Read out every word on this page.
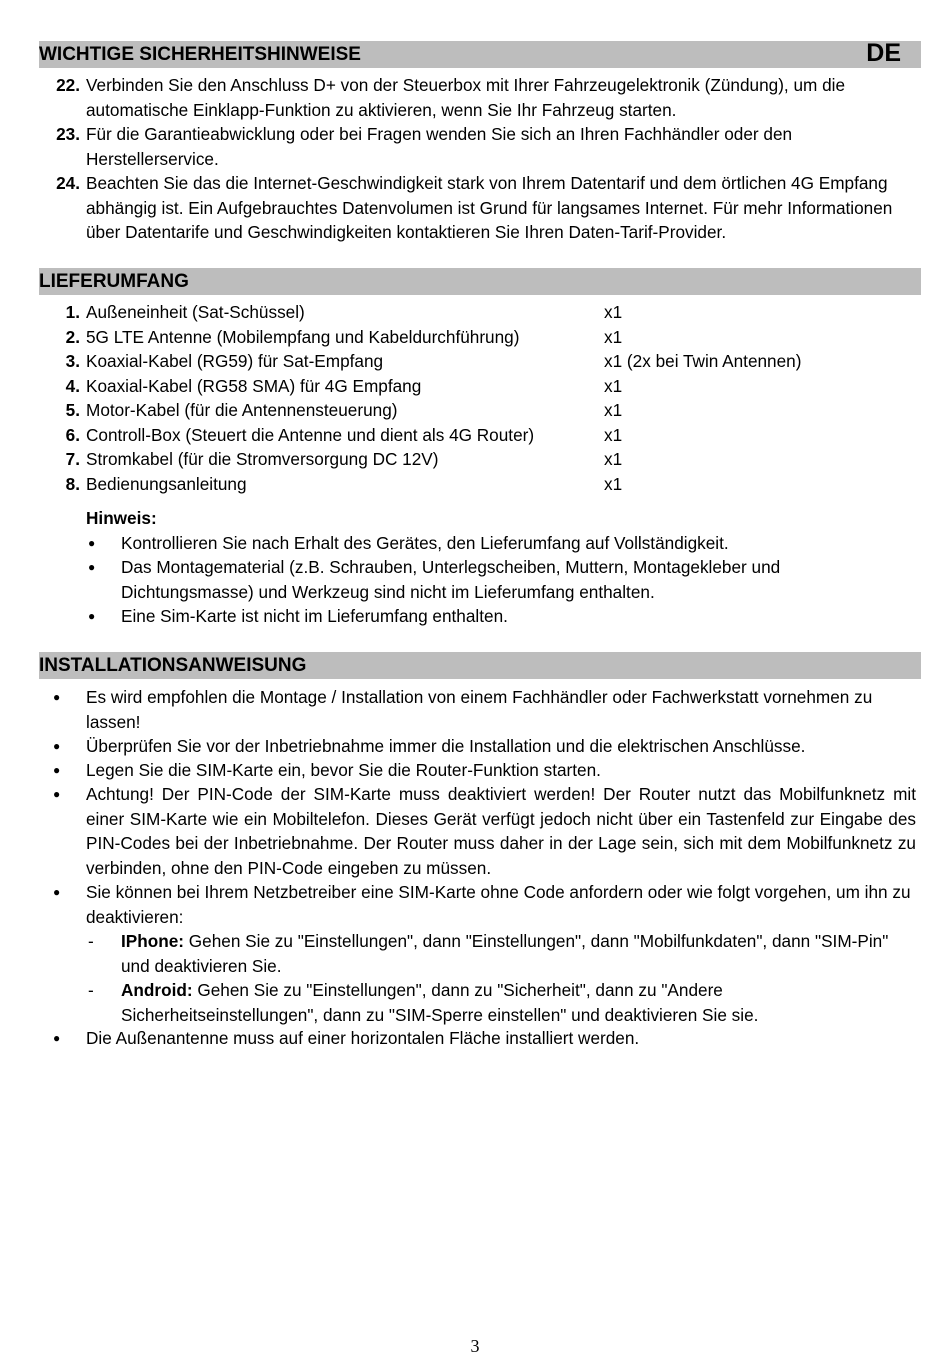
WICHTIGE SICHERHEITSHINWEISE	DE
22. Verbinden Sie den Anschluss D+ von der Steuerbox mit Ihrer Fahrzeugelektronik (Zündung), um die automatische Einklapp-Funktion zu aktivieren, wenn Sie Ihr Fahrzeug starten.
23. Für die Garantieabwicklung oder bei Fragen wenden Sie sich an Ihren Fachhändler oder den Herstellerservice.
24. Beachten Sie das die Internet-Geschwindigkeit stark von Ihrem Datentarif und dem örtlichen 4G Empfang abhängig ist. Ein Aufgebrauchtes Datenvolumen ist Grund für langsames Internet. Für mehr Informationen über Datentarife und Geschwindigkeiten kontaktieren Sie Ihren Daten-Tarif-Provider.
LIEFERUMFANG
1. Außeneinheit (Sat-Schüssel)	x1
2. 5G LTE Antenne (Mobilempfang und Kabeldurchführung)	x1
3. Koaxial-Kabel (RG59) für Sat-Empfang	x1 (2x bei Twin Antennen)
4. Koaxial-Kabel (RG58 SMA) für 4G Empfang	x1
5. Motor-Kabel (für die Antennensteuerung)	x1
6. Controll-Box (Steuert die Antenne und dient als 4G Router)	x1
7. Stromkabel (für die Stromversorgung DC 12V)	x1
8. Bedienungsanleitung	x1
Hinweis:
● Kontrollieren Sie nach Erhalt des Gerätes, den Lieferumfang auf Vollständigkeit.
● Das Montagematerial (z.B. Schrauben, Unterlegscheiben, Muttern, Montagekleber und Dichtungsmasse) und Werkzeug sind nicht im Lieferumfang enthalten.
● Eine Sim-Karte ist nicht im Lieferumfang enthalten.
INSTALLATIONSANWEISUNG
● Es wird empfohlen die Montage / Installation von einem Fachhändler oder Fachwerkstatt vornehmen zu lassen!
● Überprüfen Sie vor der Inbetriebnahme immer die Installation und die elektrischen Anschlüsse.
● Legen Sie die SIM-Karte ein, bevor Sie die Router-Funktion starten.
● Achtung! Der PIN-Code der SIM-Karte muss deaktiviert werden! Der Router nutzt das Mobilfunknetz mit einer SIM-Karte wie ein Mobiltelefon. Dieses Gerät verfügt jedoch nicht über ein Tastenfeld zur Eingabe des PIN-Codes bei der Inbetriebnahme. Der Router muss daher in der Lage sein, sich mit dem Mobilfunknetz zu verbinden, ohne den PIN-Code eingeben zu müssen.
● Sie können bei Ihrem Netzbetreiber eine SIM-Karte ohne Code anfordern oder wie folgt vorgehen, um ihn zu deaktivieren:
- IPhone: Gehen Sie zu "Einstellungen", dann "Einstellungen", dann "Mobilfunkdaten", dann "SIM-Pin" und deaktivieren Sie.
- Android: Gehen Sie zu "Einstellungen", dann zu "Sicherheit", dann zu "Andere Sicherheitseinstellungen", dann zu "SIM-Sperre einstellen" und deaktivieren Sie sie.
● Die Außenantenne muss auf einer horizontalen Fläche installiert werden.
3
